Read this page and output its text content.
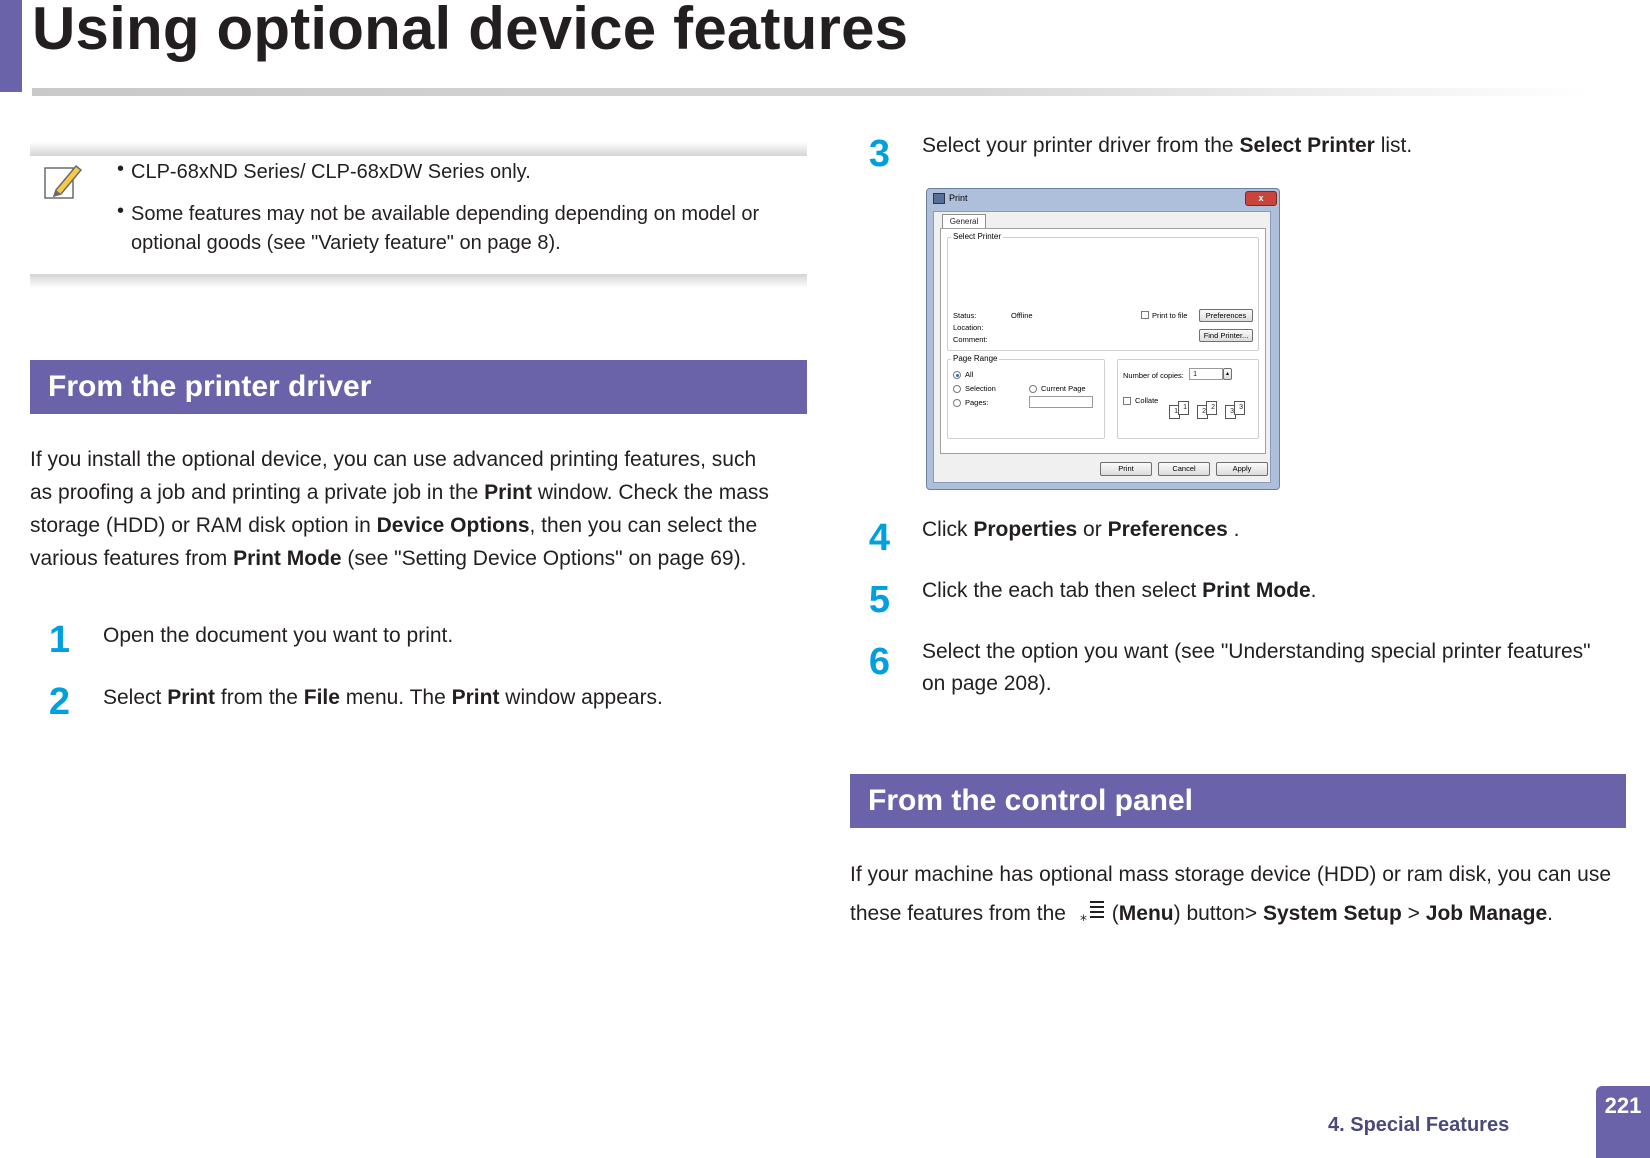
Using optional device features
• CLP-68xND Series/ CLP-68xDW Series only.
• Some features may not be available depending depending on model or
optional goods (see "Variety feature" on page 8).
From the printer driver
If you install the optional device, you can use advanced printing features, such
as proofing a job and printing a private job in the Print window. Check the mass
storage (HDD) or RAM disk option in Device Options, then you can select the
various features from Print Mode (see "Setting Device Options" on page 69).
1 Open the document you want to print.
2 Select Print from the File menu. The Print window appears.
3 Select your printer driver from the Select Printer list.
Print	x
General
Select Printer
Status:	Offline
Location:
Comment:
Print to file	Preferences
Find Printer...
Page Range
All
Selection	Current Page
Pages:
Number of copies:	1	▴
Collate
1
1
2
2
3
3
Print	Cancel	Apply
4 Click Properties or Preferences .
5 Click the each tab then select Print Mode.
6 Select the option you want (see "Understanding special printer features"
on page 208).
From the control panel
If your machine has optional mass storage device (HDD) or ram disk, you can use
these features from the * (Menu) button> System Setup > Job Manage.
4. Special Features
221
